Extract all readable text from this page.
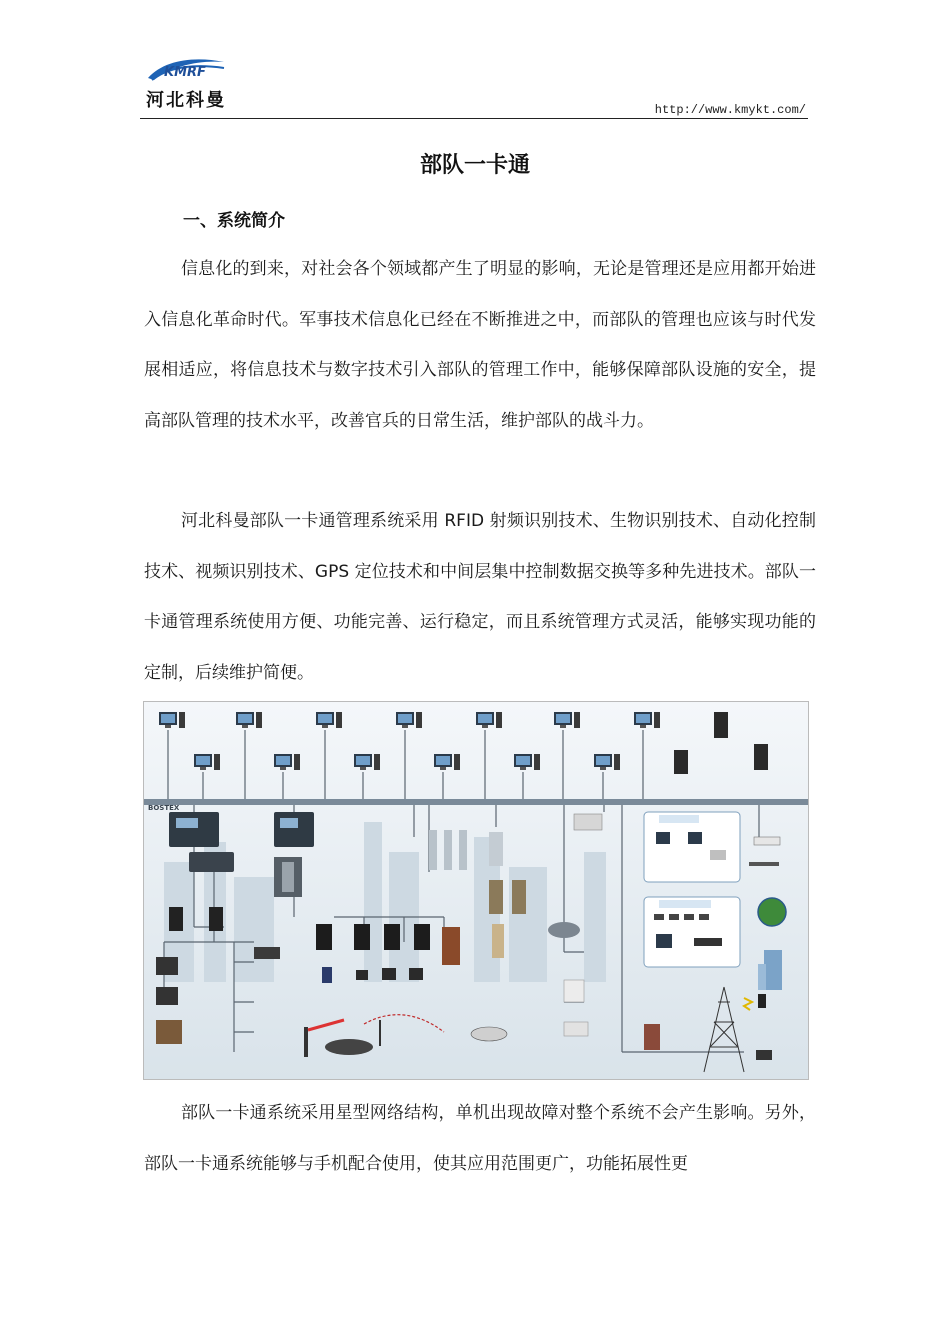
KMRF
河北科曼	http://www.kmykt.com/
部队一卡通
一、系统简介

信息化的到来，对社会各个领域都产生了明显的影响，无论是管理还是应用都开始进入信息化革命时代。军事技术信息化已经在不断推进之中，而部队的管理也应该与时代发展相适应，将信息技术与数字技术引入部队的管理工作中，能够保障部队设施的安全，提高部队管理的技术水平，改善官兵的日常生活，维护部队的战斗力。

河北科曼部队一卡通管理系统采用 RFID 射频识别技术、生物识别技术、自动化控制技术、视频识别技术、GPS 定位技术和中间层集中控制数据交换等多种先进技术。部队一卡通管理系统使用方便、功能完善、运行稳定，而且系统管理方式灵活，能够实现功能的定制，后续维护简便。

BOSTEX

部队一卡通系统采用星型网络结构，单机出现故障对整个系统不会产生影响。另外，部队一卡通系统能够与手机配合使用，使其应用范围更广，功能拓展性更
